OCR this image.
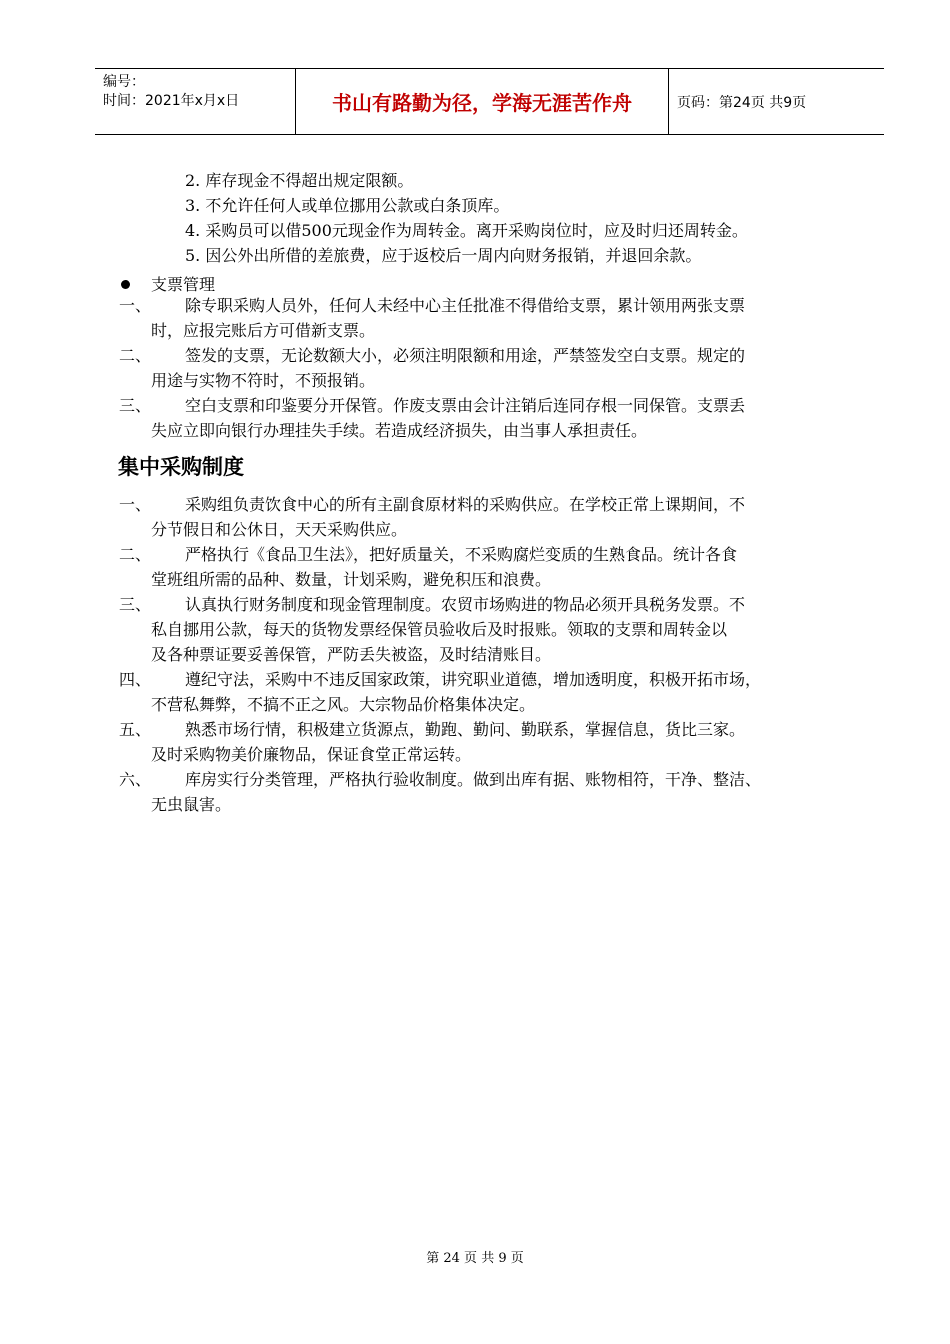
编号：
时间：2021年x月x日	书山有路勤为径，学海无涯苦作舟	页码：第24页 共9页
2. 库存现金不得超出规定限额。
3. 不允许任何人或单位挪用公款或白条顶库。
4. 采购员可以借500元现金作为周转金。离开采购岗位时，应及时归还周转金。
5. 因公外出所借的差旅费，应于返校后一周内向财务报销，并退回余款。
支票管理
一、 除专职采购人员外，任何人未经中心主任批准不得借给支票，累计领用两张支票
时，应报完账后方可借新支票。
二、 签发的支票，无论数额大小，必须注明限额和用途，严禁签发空白支票。规定的
用途与实物不符时，不预报销。
三、 空白支票和印鉴要分开保管。作废支票由会计注销后连同存根一同保管。支票丢
失应立即向银行办理挂失手续。若造成经济损失，由当事人承担责任。
集中采购制度
一、 采购组负责饮食中心的所有主副食原材料的采购供应。在学校正常上课期间，不
分节假日和公休日，天天采购供应。
二、 严格执行《食品卫生法》，把好质量关，不采购腐烂变质的生熟食品。统计各食
堂班组所需的品种、数量，计划采购，避免积压和浪费。
三、 认真执行财务制度和现金管理制度。农贸市场购进的物品必须开具税务发票。不
私自挪用公款，每天的货物发票经保管员验收后及时报账。领取的支票和周转金以
及各种票证要妥善保管，严防丢失被盗，及时结清账目。
四、 遵纪守法，采购中不违反国家政策，讲究职业道德，增加透明度，积极开拓市场，
不营私舞弊，不搞不正之风。大宗物品价格集体决定。
五、 熟悉市场行情，积极建立货源点，勤跑、勤问、勤联系，掌握信息，货比三家。
及时采购物美价廉物品，保证食堂正常运转。
六、 库房实行分类管理，严格执行验收制度。做到出库有据、账物相符，干净、整洁、
无虫鼠害。
第 24 页 共 9 页
